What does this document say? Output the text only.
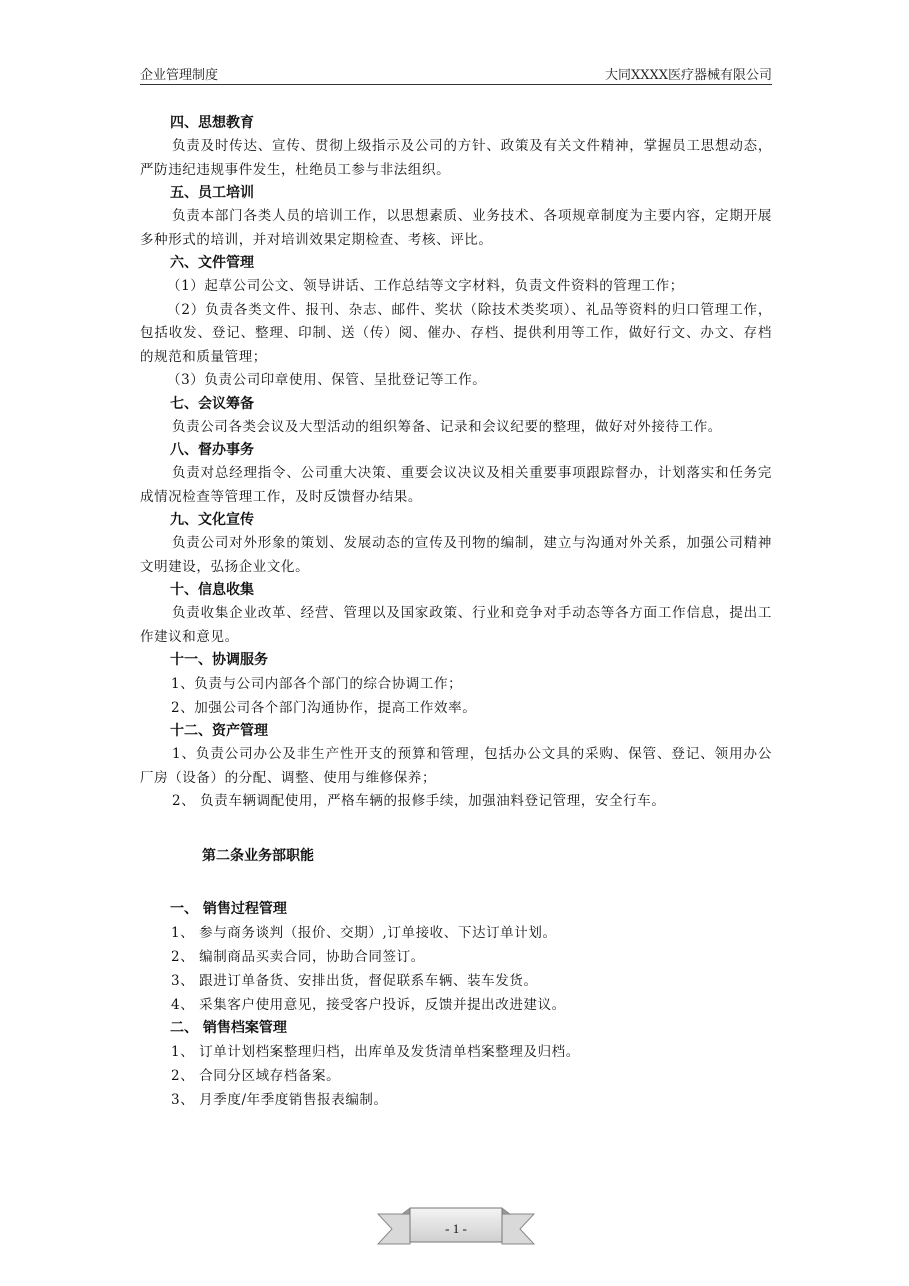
企业管理制度	大同XXXX医疗器械有限公司
四、思想教育
负责及时传达、宣传、贯彻上级指示及公司的方针、政策及有关文件精神，掌握员工思想动态，严防违纪违规事件发生，杜绝员工参与非法组织。
五、员工培训
负责本部门各类人员的培训工作，以思想素质、业务技术、各项规章制度为主要内容，定期开展多种形式的培训，并对培训效果定期检查、考核、评比。
六、文件管理
（1）起草公司公文、领导讲话、工作总结等文字材料，负责文件资料的管理工作；
（2）负责各类文件、报刊、杂志、邮件、奖状（除技术类奖项）、礼品等资料的归口管理工作，包括收发、登记、整理、印制、送（传）阅、催办、存档、提供利用等工作，做好行文、办文、存档的规范和质量管理；
（3）负责公司印章使用、保管、呈批登记等工作。
七、会议筹备
负责公司各类会议及大型活动的组织筹备、记录和会议纪要的整理，做好对外接待工作。
八、督办事务
负责对总经理指令、公司重大决策、重要会议决议及相关重要事项跟踪督办，计划落实和任务完成情况检查等管理工作，及时反馈督办结果。
九、文化宣传
负责公司对外形象的策划、发展动态的宣传及刊物的编制，建立与沟通对外关系，加强公司精神文明建设，弘扬企业文化。
十、信息收集
负责收集企业改革、经营、管理以及国家政策、行业和竞争对手动态等各方面工作信息，提出工作建议和意见。
十一、协调服务
1、负责与公司内部各个部门的综合协调工作；
2、加强公司各个部门沟通协作，提高工作效率。
十二、资产管理
1、负责公司办公及非生产性开支的预算和管理，包括办公文具的采购、保管、登记、领用办公厂房（设备）的分配、调整、使用与维修保养；
2、 负责车辆调配使用，严格车辆的报修手续，加强油料登记管理，安全行车。
第二条业务部职能
一、 销售过程管理
1、 参与商务谈判（报价、交期）,订单接收、下达订单计划。
2、 编制商品买卖合同，协助合同签订。
3、 跟进订单备货、安排出货，督促联系车辆、装车发货。
4、 采集客户使用意见，接受客户投诉，反馈并提出改进建议。
二、 销售档案管理
1、 订单计划档案整理归档，出库单及发货清单档案整理及归档。
2、 合同分区域存档备案。
3、 月季度/年季度销售报表编制。
- 1 -
